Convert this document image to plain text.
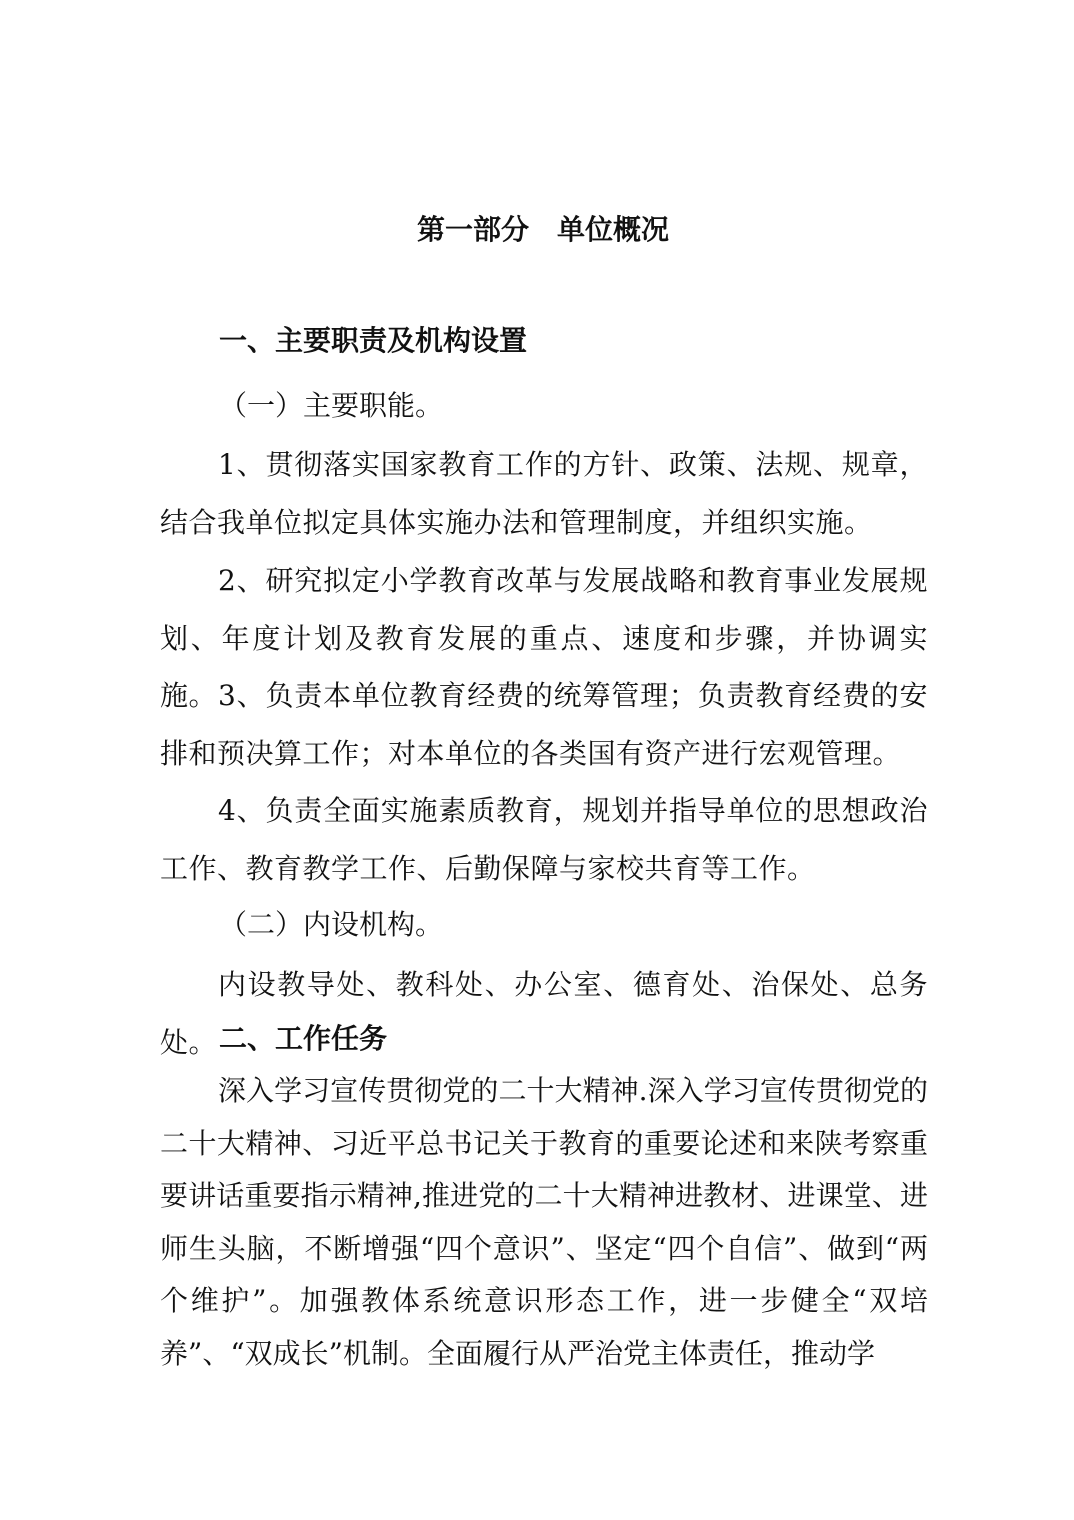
第一部分　单位概况
一、主要职责及机构设置
（一）主要职能。

1、贯彻落实国家教育工作的方针、政策、法规、规章，结合我单位拟定具体实施办法和管理制度，并组织实施。

2、研究拟定小学教育改革与发展战略和教育事业发展规划、年度计划及教育发展的重点、速度和步骤，并协调实施。 3、负责本单位教育经费的统筹管理；负责教育经费的安排和预决算工作；对本单位的各类国有资产进行宏观管理。

4、负责全面实施素质教育，规划并指导单位的思想政治工作、教育教学工作、后勤保障与家校共育等工作。

（二）内设机构。

内设教导处、教科处、办公室、德育处、治保处、总务处。 二、工作任务

深入学习宣传贯彻党的二十大精神.深入学习宣传贯彻党的二十大精神、习近平总书记关于教育的重要论述和来陕考察重要讲话重要指示精神,推进党的二十大精神进教材、进课堂、进师生头脑，不断增强“四个意识”、坚定“四个自信”、做到“两个维护”。加强教体系统意识形态工作，进一步健全“双培养”、“双成长”机制。全面履行从严治党主体责任，推动学
